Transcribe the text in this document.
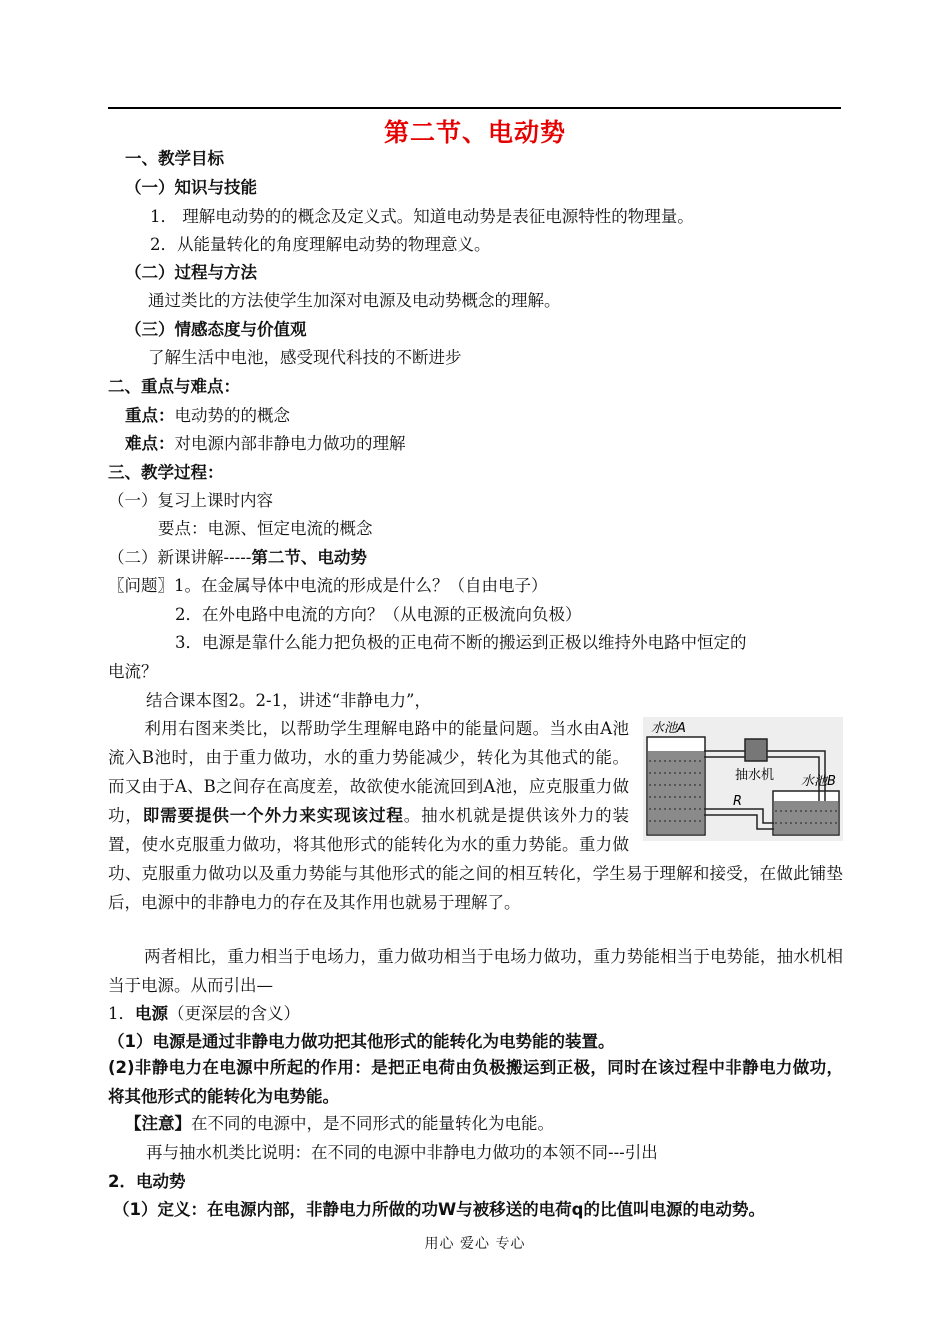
第二节、电动势
一、教学目标
（一）知识与技能
1． 理解电动势的的概念及定义式。知道电动势是表征电源特性的物理量。
2．从能量转化的角度理解电动势的物理意义。
（二）过程与方法
通过类比的方法使学生加深对电源及电动势概念的理解。
（三）情感态度与价值观
了解生活中电池，感受现代科技的不断进步
二、重点与难点：
重点：电动势的的概念
难点：对电源内部非静电力做功的理解
三、教学过程：
（一）复习上课时内容
要点：电源、恒定电流的概念
（二）新课讲解-----第二节、电动势
〖问题〗1。在金属导体中电流的形成是什么？（自由电子）
2．在外电路中电流的方向？（从电源的正极流向负极）
3．电源是靠什么能力把负极的正电荷不断的搬运到正极以维持外电路中恒定的
电流？
结合课本图2。2-1，讲述“非静电力”，
水池A
抽水机 水池B
R
利用右图来类比，以帮助学生理解电路中的能量问题。当水由A池流入B池时，由于重力做功，水的重力势能减少，转化为其他式的能。而又由于A、B之间存在高度差，故欲使水能流回到A池，应克服重力做功，即需要提供一个外力来实现该过程。抽水机就是提供该外力的装置，使水克服重力做功，将其他形式的能转化为水的重力势能。重力做功、克服重力做功以及重力势能与其他形式的能之间的相互转化，学生易于理解和接受，在做此铺垫后，电源中的非静电力的存在及其作用也就易于理解了。
两者相比，重力相当于电场力，重力做功相当于电场力做功，重力势能相当于电势能，抽水机相当于电源。从而引出—
1．电源（更深层的含义）
（1）电源是通过非静电力做功把其他形式的能转化为电势能的装置。
(2)非静电力在电源中所起的作用：是把正电荷由负极搬运到正极，同时在该过程中非静电力做功，将其他形式的能转化为电势能。
【注意】在不同的电源中，是不同形式的能量转化为电能。
再与抽水机类比说明：在不同的电源中非静电力做功的本领不同---引出
2．电动势
（1）定义：在电源内部，非静电力所做的功W与被移送的电荷q的比值叫电源的电动势。
用心 爱心 专心
